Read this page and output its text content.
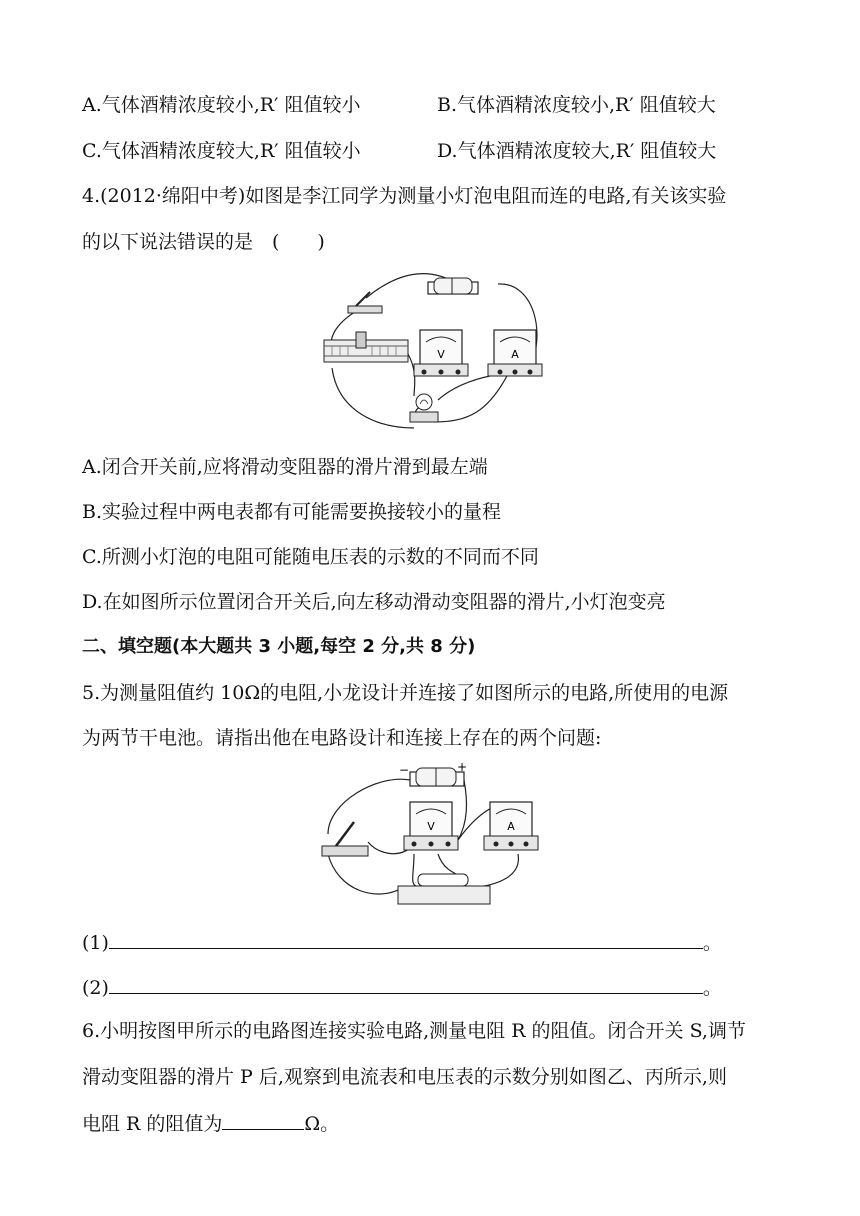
A.气体酒精浓度较小,R′ 阻值较小	B.气体酒精浓度较小,R′ 阻值较大
C.气体酒精浓度较大,R′ 阻值较小	D.气体酒精浓度较大,R′ 阻值较大
4.(2012·绵阳中考)如图是李江同学为测量小灯泡电阻而连的电路,有关该实验
的以下说法错误的是　(　　)
V	A
A.闭合开关前,应将滑动变阻器的滑片滑到最左端
B.实验过程中两电表都有可能需要换接较小的量程
C.所测小灯泡的电阻可能随电压表的示数的不同而不同
D.在如图所示位置闭合开关后,向左移动滑动变阻器的滑片,小灯泡变亮
二、填空题(本大题共 3 小题,每空 2 分,共 8 分)
5.为测量阻值约 10Ω的电阻,小龙设计并连接了如图所示的电路,所使用的电源
为两节干电池。请指出他在电路设计和连接上存在的两个问题:
−	+
V	A
(1)	。
(2)	。
6.小明按图甲所示的电路图连接实验电路,测量电阻 R 的阻值。闭合开关 S,调节
滑动变阻器的滑片 P 后,观察到电流表和电压表的示数分别如图乙、丙所示,则
电阻 R 的阻值为	Ω。
